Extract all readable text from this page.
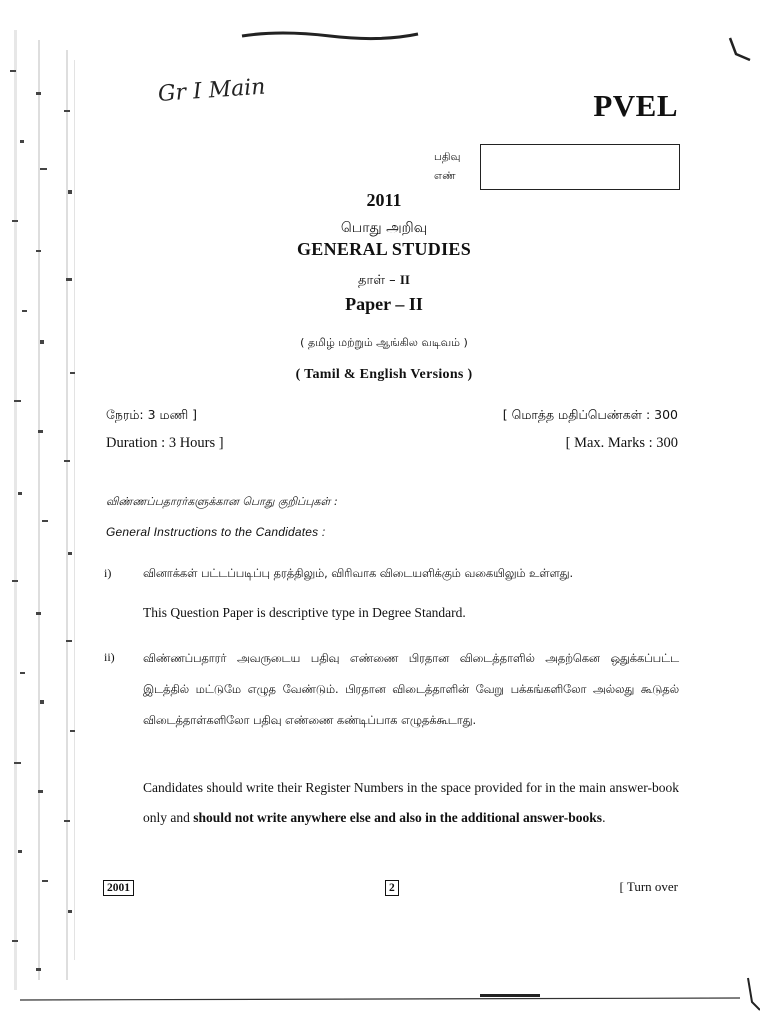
Gr I Main	PVEL
பதிவு
எண்
2011
பொது அறிவு
GENERAL STUDIES
தாள் – II
Paper – II
( தமிழ் மற்றும் ஆங்கில வடிவம் )
( Tamil & English Versions )
நேரம்: 3 மணி ]	[ மொத்த மதிப்பெண்கள் : 300
Duration : 3 Hours ]	[ Max. Marks : 300
விண்ணப்பதாரர்களுக்கான பொது குறிப்புகள் :
General Instructions to the Candidates :
i)	வினாக்கள் பட்டப்படிப்பு தரத்திலும், விரிவாக விடையளிக்கும் வகையிலும் உள்ளது.
This Question Paper is descriptive type in Degree Standard.
ii)	விண்ணப்பதாரர் அவருடைய பதிவு எண்ணை பிரதான விடைத்தாளில் அதற்கென ஒதுக்கப்பட்ட இடத்தில் மட்டுமே எழுத வேண்டும். பிரதான விடைத்தாளின் வேறு பக்கங்களிலோ அல்லது கூடுதல் விடைத்தாள்களிலோ பதிவு எண்ணை கண்டிப்பாக எழுதக்கூடாது.
Candidates should write their Register Numbers in the space provided for in the main answer-book only and should not write anywhere else and also in the additional answer-books.
2001	2	[ Turn over
